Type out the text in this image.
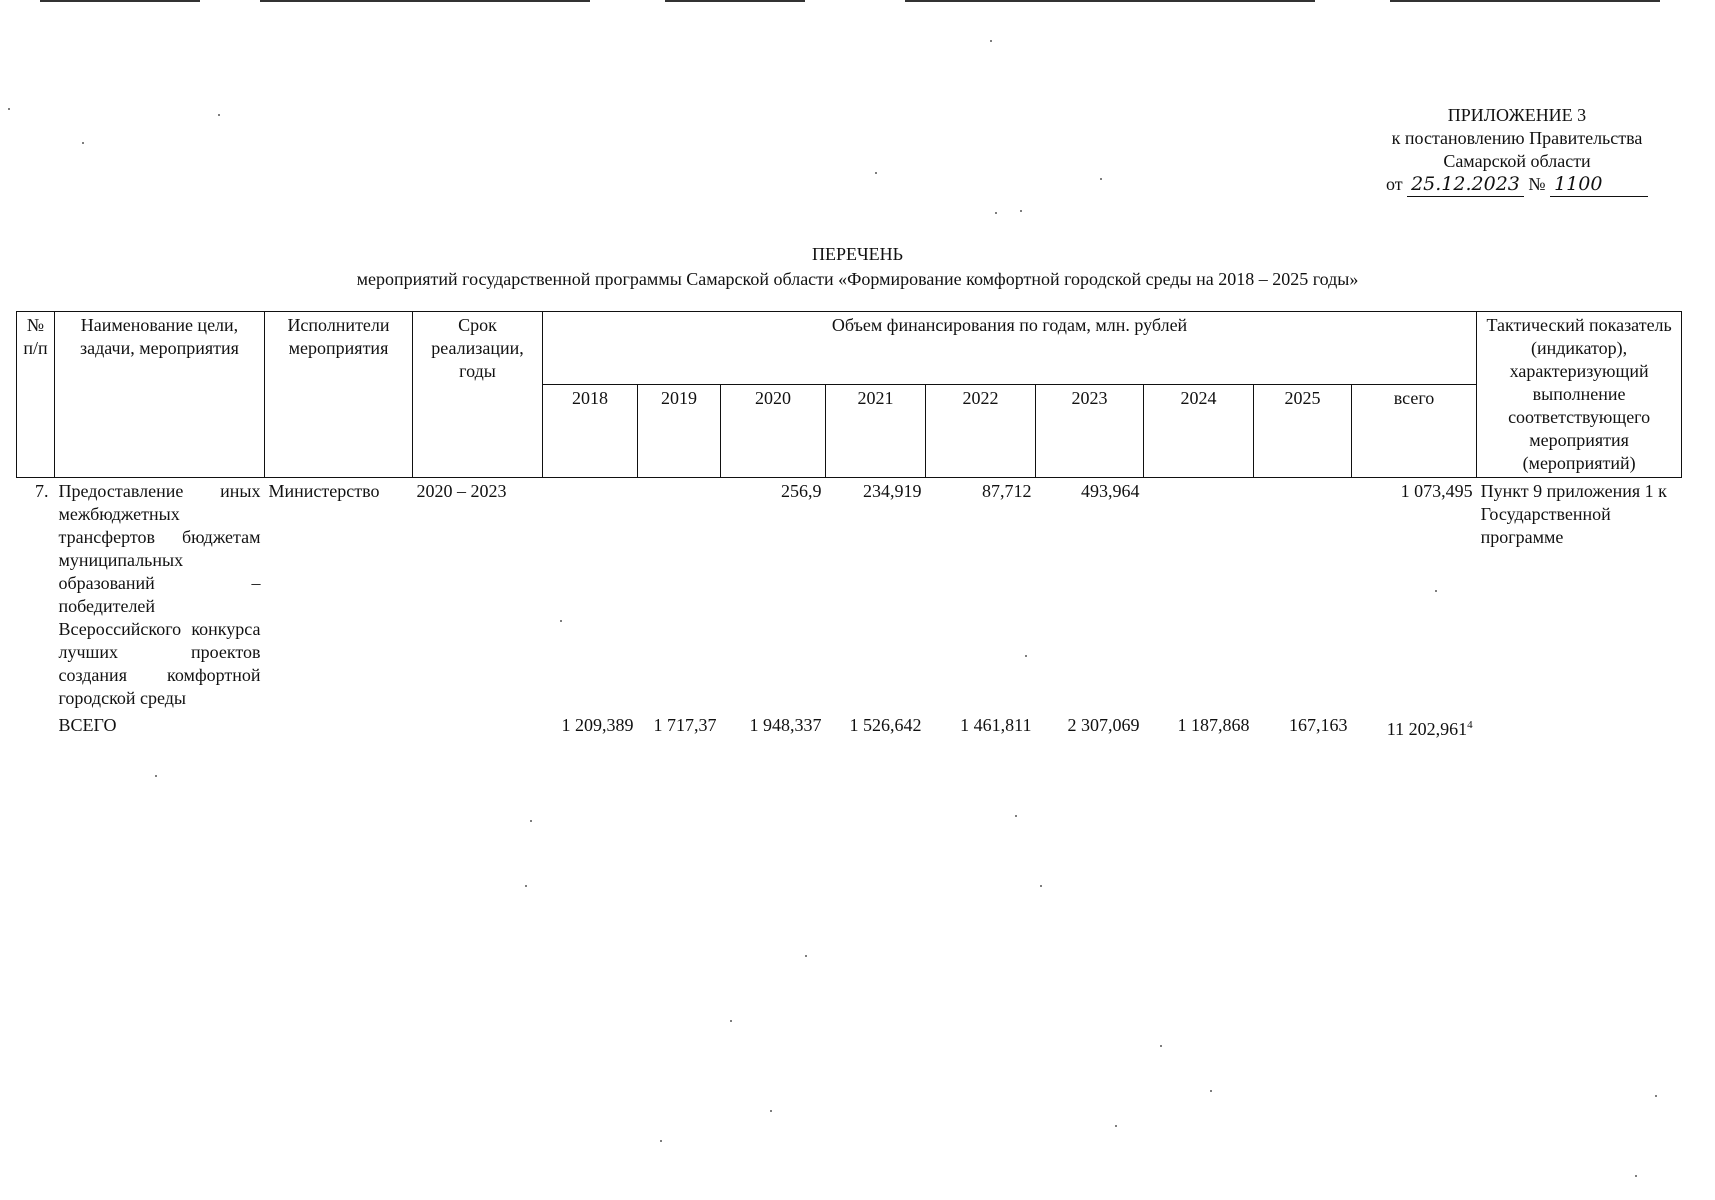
ПРИЛОЖЕНИЕ 3
к постановлению Правительства
Самарской области
от 25.12.2023 № 1100
ПЕРЕЧЕНЬ
мероприятий государственной программы Самарской области «Формирование комфортной городской среды на 2018 – 2025 годы»
№ п/п	Наименование цели, задачи, мероприятия	Исполнители мероприятия	Срок реализации, годы	Объем финансирования по годам, млн. рублей									Тактический показатель (индикатор), характеризующий выполнение соответствующего мероприятия (мероприятий)
				2018	2019	2020	2021	2022	2023	2024	2025	всего	
7.	Предоставление иных межбюджетных трансфертов бюджетам муниципальных образований – победителей Всероссийского конкурса лучших проектов создания комфортной городской среды	Министерство	2020 – 2023			256,9	234,919	87,712	493,964			1 073,495	Пункт 9 приложения 1 к Государственной программе
	ВСЕГО			1 209,389	1 717,37	1 948,337	1 526,642	1 461,811	2 307,069	1 187,868	167,163	11 202,961$^4$	
